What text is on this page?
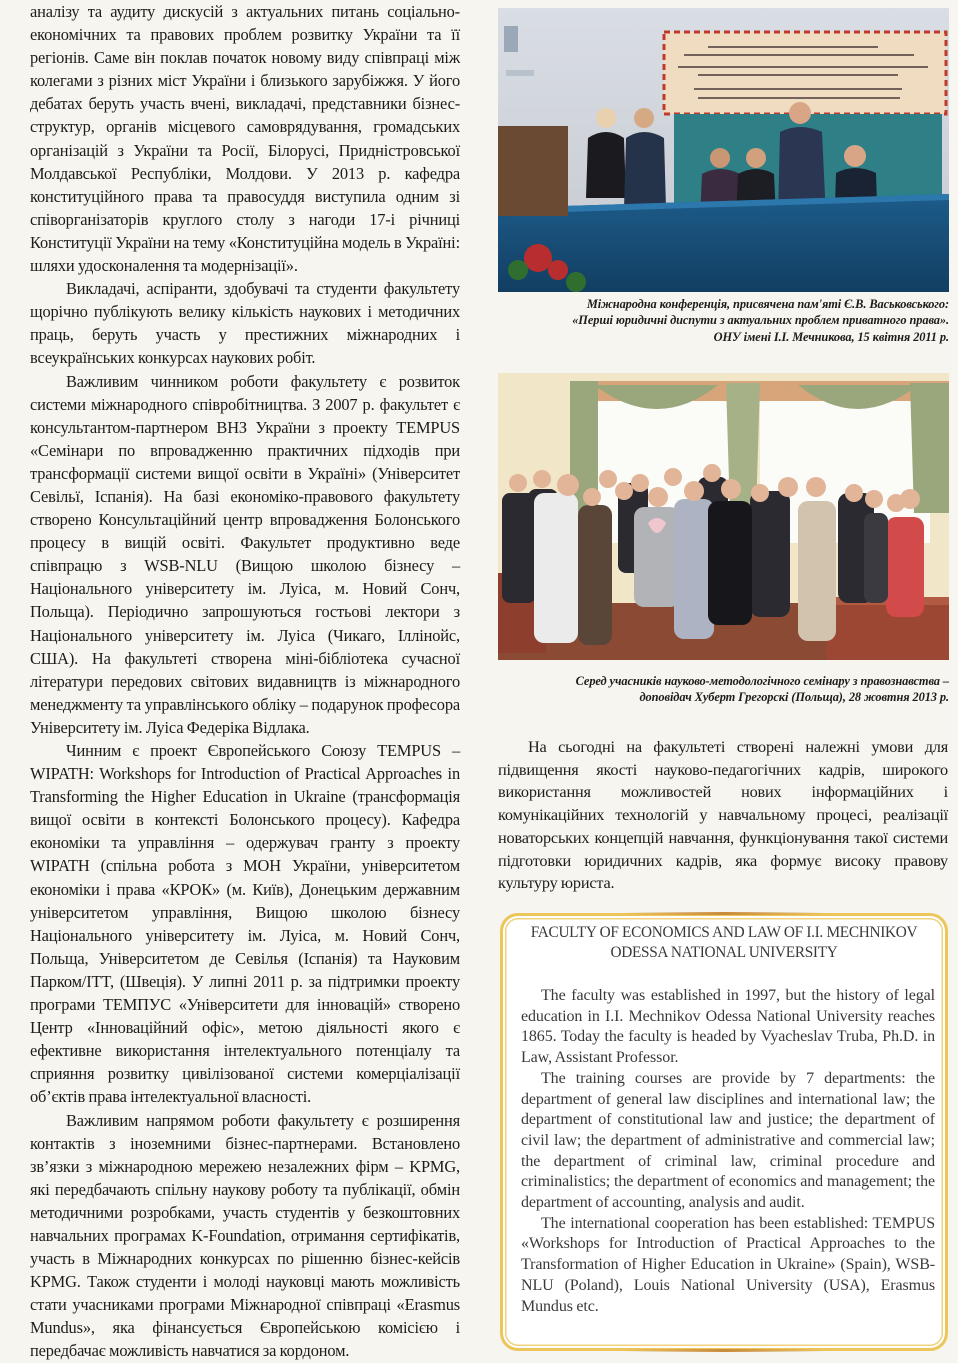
аналізу та аудиту дискусій з актуальних питань соціально-економічних та правових проблем розвитку України та її регіонів. Саме він поклав початок новому виду співпраці між колегами з різних міст України і близького зарубіжжя. У його дебатах беруть участь вчені, викладачі, представники бізнес-структур, органів місцевого самоврядування, громадських організацій з України та Росії, Білорусі, Придністровської Молдавської Республіки, Молдови. У 2013 р. кафедра конституційного права та правосуддя виступила одним зі співорганізаторів круглого столу з нагоди 17-і річниці Конституції України на тему «Конституційна модель в Україні: шляхи удосконалення та модернізації».

Викладачі, аспіранти, здобувачі та студенти факультету щорічно публікують велику кількість наукових і методичних праць, беруть участь у престижних міжнародних і всеукраїнських конкурсах наукових робіт.

Важливим чинником роботи факультету є розвиток системи міжнародного співробітництва. З 2007 р. факультет є консультантом-партнером ВНЗ України з проекту TEMPUS «Семінари по впровадженню практичних підходів при трансформації системи вищої освіти в Україні» (Університет Севільї, Іспанія). На базі економіко-правового факультету створено Консультаційний центр впровадження Болонського процесу в вищій освіті. Факультет продуктивно веде співпрацю з WSB-NLU (Вищою школою бізнесу – Національного університету ім. Луіса, м. Новий Сонч, Польща). Періодично запрошуються гостьові лектори з Національного університету ім. Луіса (Чикаго, Іллінойс, США). На факультеті створена міні-бібліотека сучасної літератури передових світових видавництв із міжнародного менеджменту та управлінського обліку – подарунок професора Університету ім. Луіса Федеріка Відлака.

Чинним є проект Європейського Союзу TEMPUS – WIPATH: Workshops for Introduction of Practical Approaches in Transforming the Higher Education in Ukraine (трансформація вищої освіти в контексті Болонського процесу). Кафедра економіки та управління – одержувач гранту з проекту WIPATH (спільна робота з МОН України, університетом економіки і права «КРОК» (м. Київ), Донецьким державним університетом управління, Вищою школою бізнесу Національного університету ім. Луіса, м. Новий Сонч, Польща, Університетом де Севілья (Іспанія) та Науковим Парком/ITT, (Швеція). У липні 2011 р. за підтримки проекту програми ТЕМПУС «Університети для інновацій» створено Центр «Інноваційний офіс», метою діяльності якого є ефективне використання інтелектуального потенціалу та сприяння розвитку цивілізованої системи комерціалізації об’єктів права інтелектуальної власності.

Важливим напрямом роботи факультету є розширення контактів з іноземними бізнес-партнерами. Встановлено зв’язки з міжнародною мережею незалежних фірм – KPMG, які передбачають спільну наукову роботу та публікації, обмін методичними розробками, участь студентів у безкоштовних навчальних програмах K-Foundation, отримання сертифікатів, участь в Міжнародних конкурсах по рішенню бізнес-кейсів KPMG. Також студенти і молоді науковці мають можливість стати учасниками програми Міжнародної співпраці «Erasmus Mundus», яка фінансується Європейською комісією і передбачає можливість навчатися за кордоном.

Міжнародна конференція, присвячена пам'яті Є.В. Васьковського:
«Перші юридичні диспути з актуальних проблем приватного права».
ОНУ імені І.І. Мечникова, 15 квітня 2011 р.
Серед учасників науково-методологічного семінару з правознавства –
доповідач Хуберт Грегорскі (Польща), 28 жовтня 2013 р.

На сьогодні на факультеті створені належні умови для підвищення якості науково-педагогічних кадрів, широкого використання можливостей нових інформаційних і комунікаційних технологій у навчальному процесі, реалізації новаторських концепцій навчання, функціонування такої системи підготовки юридичних кадрів, яка формує високу правову культуру юриста.

FACULTY OF ECONOMICS AND LAW OF I.I. MECHNIKOV
ODESSA NATIONAL UNIVERSITY

The faculty was established in 1997, but the history of legal education in I.I. Mechnikov Odessa National University reaches 1865. Today the faculty is headed by Vyacheslav Truba, Ph.D. in Law, Assistant Professor.

The training courses are provide by 7 departments: the department of general law disciplines and international law; the department of constitutional law and justice; the department of civil law; the department of administrative and commercial law; the department of criminal law, criminal procedure and criminalistics; the department of economics and management; the department of accounting, analysis and audit.

The international cooperation has been established: TEMPUS «Workshops for Introduction of Practical Approaches to the Transformation of Higher Education in Ukraine» (Spain), WSB-NLU (Poland), Louis National University (USA), Erasmus Mundus etc.
